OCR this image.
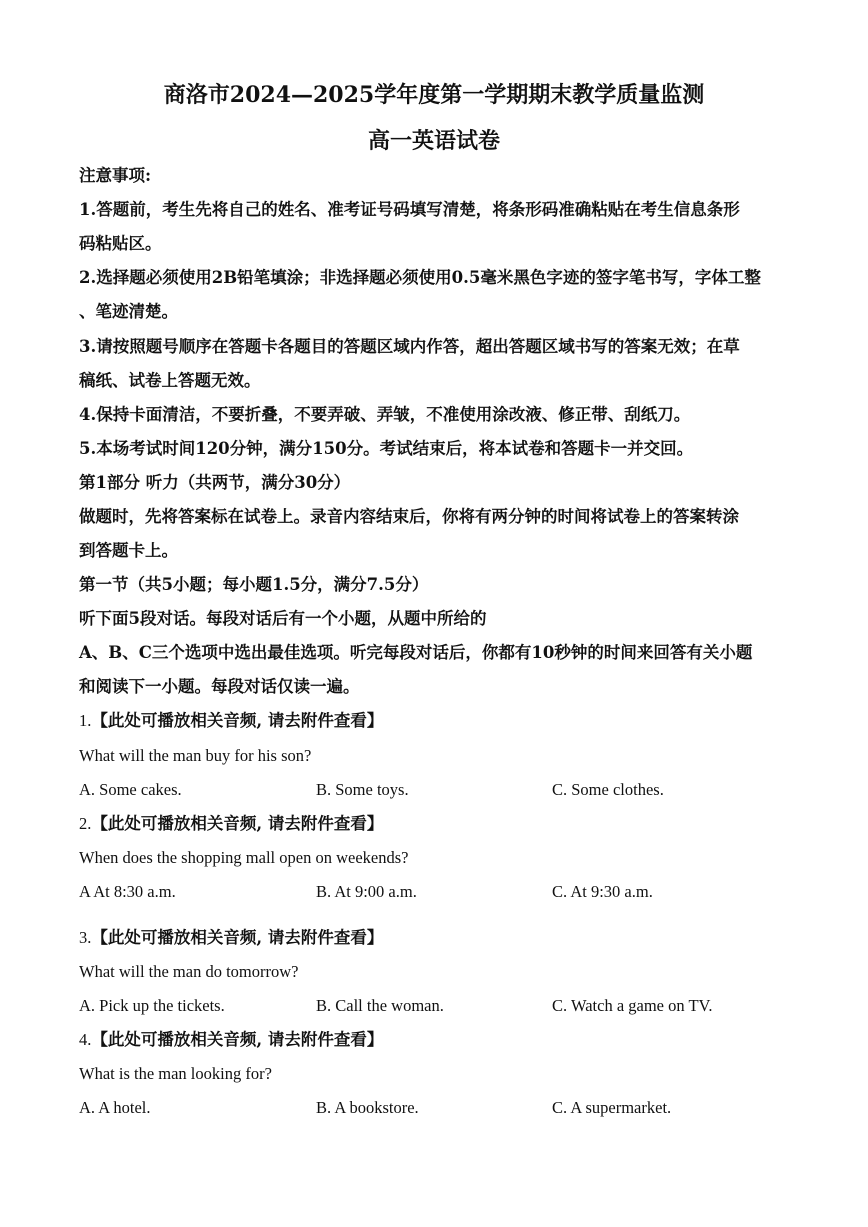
商洛市2024—2025学年度第一学期期末教学质量监测
高一英语试卷
注意事项:
1.答题前，考生先将自己的姓名、准考证号码填写清楚，将条形码准确粘贴在考生信息条形
码粘贴区。
2.选择题必须使用2B铅笔填涂；非选择题必须使用0.5毫米黑色字迹的签字笔书写，字体工整
、笔迹清楚。
3.请按照题号顺序在答题卡各题目的答题区域内作答，超出答题区域书写的答案无效；在草
稿纸、试卷上答题无效。
4.保持卡面清洁，不要折叠，不要弄破、弄皱，不准使用涂改液、修正带、刮纸刀。
5.本场考试时间120分钟，满分150分。考试结束后，将本试卷和答题卡一并交回。
第1部分 听力（共两节，满分30分）
做题时，先将答案标在试卷上。录音内容结束后，你将有两分钟的时间将试卷上的答案转涂
到答题卡上。
第一节（共5小题；每小题1.5分，满分7.5分）
听下面5段对话。每段对话后有一个小题，从题中所给的
A、B、C三个选项中选出最佳选项。听完每段对话后，你都有10秒钟的时间来回答有关小题
和阅读下一小题。每段对话仅读一遍。
1.【此处可播放相关音频, 请去附件查看】
What will the man buy for his son?
A. Some cakes.	B. Some toys.	C. Some clothes.
2.【此处可播放相关音频, 请去附件查看】
When does the shopping mall open on weekends?
A At 8:30 a.m.	B. At 9:00 a.m.	C. At 9:30 a.m.
3.【此处可播放相关音频, 请去附件查看】
What will the man do tomorrow?
A. Pick up the tickets.	B. Call the woman.	C. Watch a game on TV.
4.【此处可播放相关音频, 请去附件查看】
What is the man looking for?
A. A hotel.	B. A bookstore.	C. A supermarket.
